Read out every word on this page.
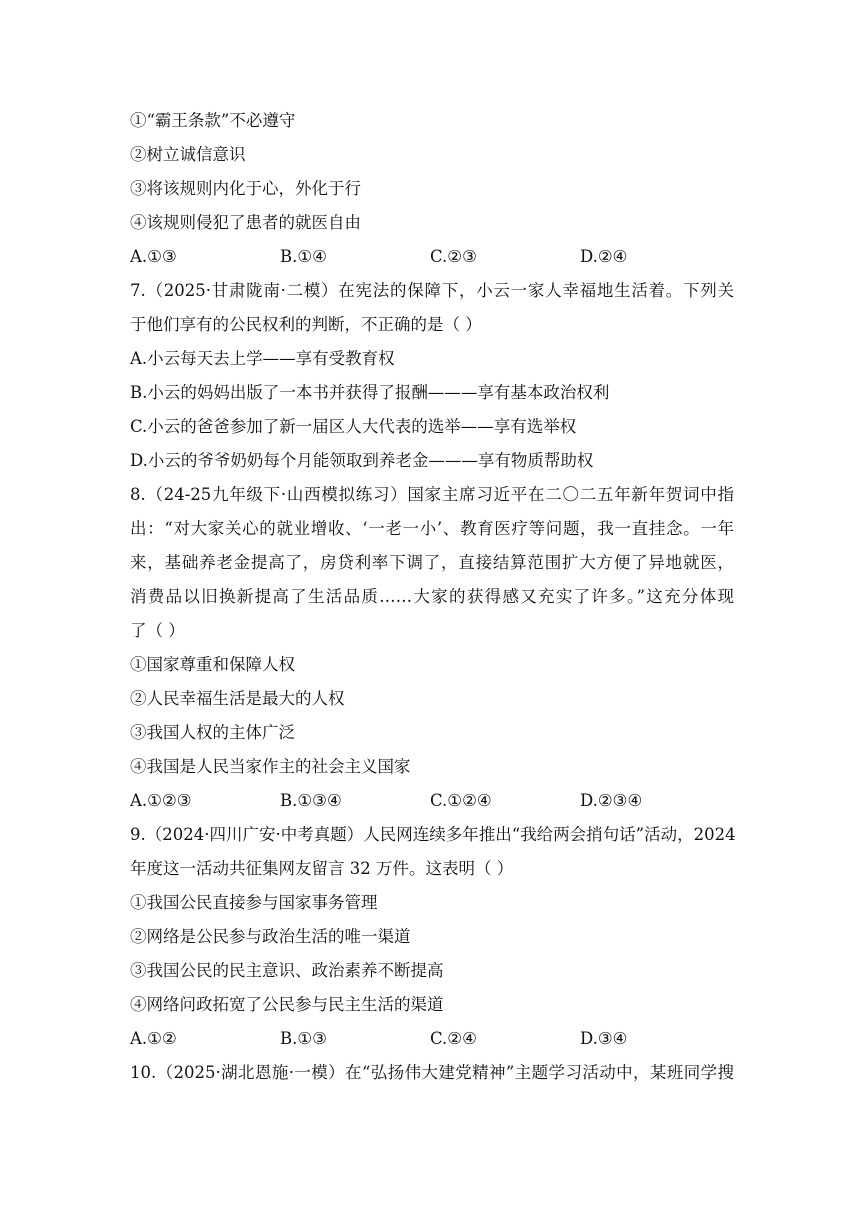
①“霸王条款”不必遵守
②树立诚信意识
③将该规则内化于心，外化于行
④该规则侵犯了患者的就医自由
A.①③	B.①④	C.②③	D.②④
7.（2025·甘肃陇南·二模）在宪法的保障下，小云一家人幸福地生活着。下列关
于他们享有的公民权利的判断，不正确的是（ ）
A.小云每天去上学——享有受教育权
B.小云的妈妈出版了一本书并获得了报酬———享有基本政治权利
C.小云的爸爸参加了新一届区人大代表的选举——享有选举权
D.小云的爷爷奶奶每个月能领取到养老金———享有物质帮助权
8.（24-25九年级下·山西模拟练习）国家主席习近平在二〇二五年新年贺词中指
出：“对大家关心的就业增收、‘一老一小’、教育医疗等问题，我一直挂念。一年
来，基础养老金提高了，房贷利率下调了，直接结算范围扩大方便了异地就医，
消费品以旧换新提高了生活品质……大家的获得感又充实了许多。”这充分体现
了（ ）
①国家尊重和保障人权
②人民幸福生活是最大的人权
③我国人权的主体广泛
④我国是人民当家作主的社会主义国家
A.①②③	B.①③④	C.①②④	D.②③④
9.（2024·四川广安·中考真题）人民网连续多年推出“我给两会捎句话”活动，2024
年度这一活动共征集网友留言 32 万件。这表明（ ）
①我国公民直接参与国家事务管理
②网络是公民参与政治生活的唯一渠道
③我国公民的民主意识、政治素养不断提高
④网络问政拓宽了公民参与民主生活的渠道
A.①②	B.①③	C.②④	D.③④
10.（2025·湖北恩施·一模）在“弘扬伟大建党精神”主题学习活动中，某班同学搜
